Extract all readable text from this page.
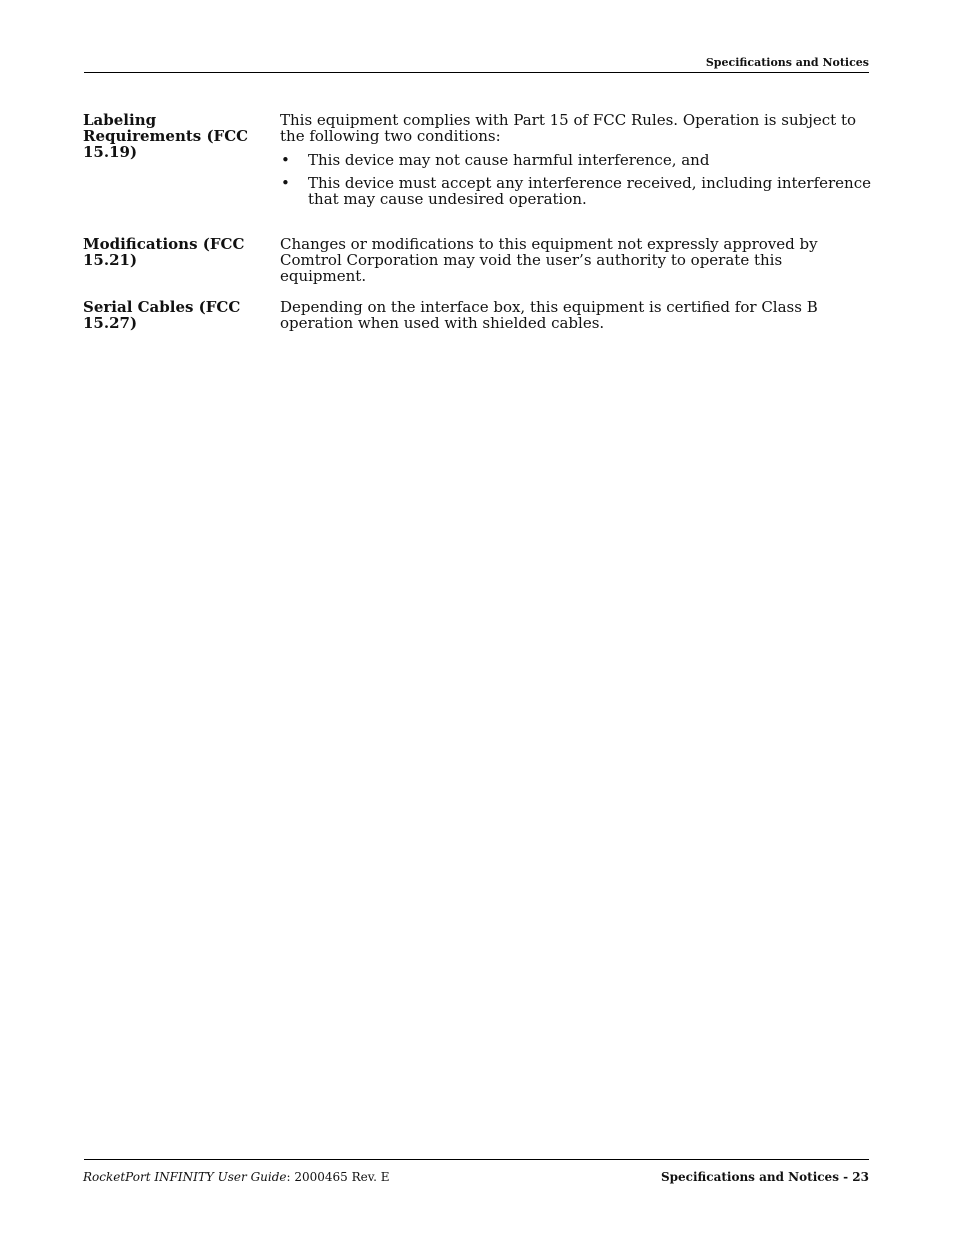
Specifications and Notices
Labeling Requirements (FCC 15.19)

This equipment complies with Part 15 of FCC Rules. Operation is subject to the following two conditions:

• This device may not cause harmful interference, and
• This device must accept any interference received, including interference that may cause undesired operation.
Modifications (FCC 15.21)

Changes or modifications to this equipment not expressly approved by Comtrol Corporation may void the user’s authority to operate this equipment.

Serial Cables (FCC 15.27)

Depending on the interface box, this equipment is certified for Class B operation when used with shielded cables.

RocketPort INFINITY User Guide: 2000465 Rev. E	Specifications and Notices - 23
